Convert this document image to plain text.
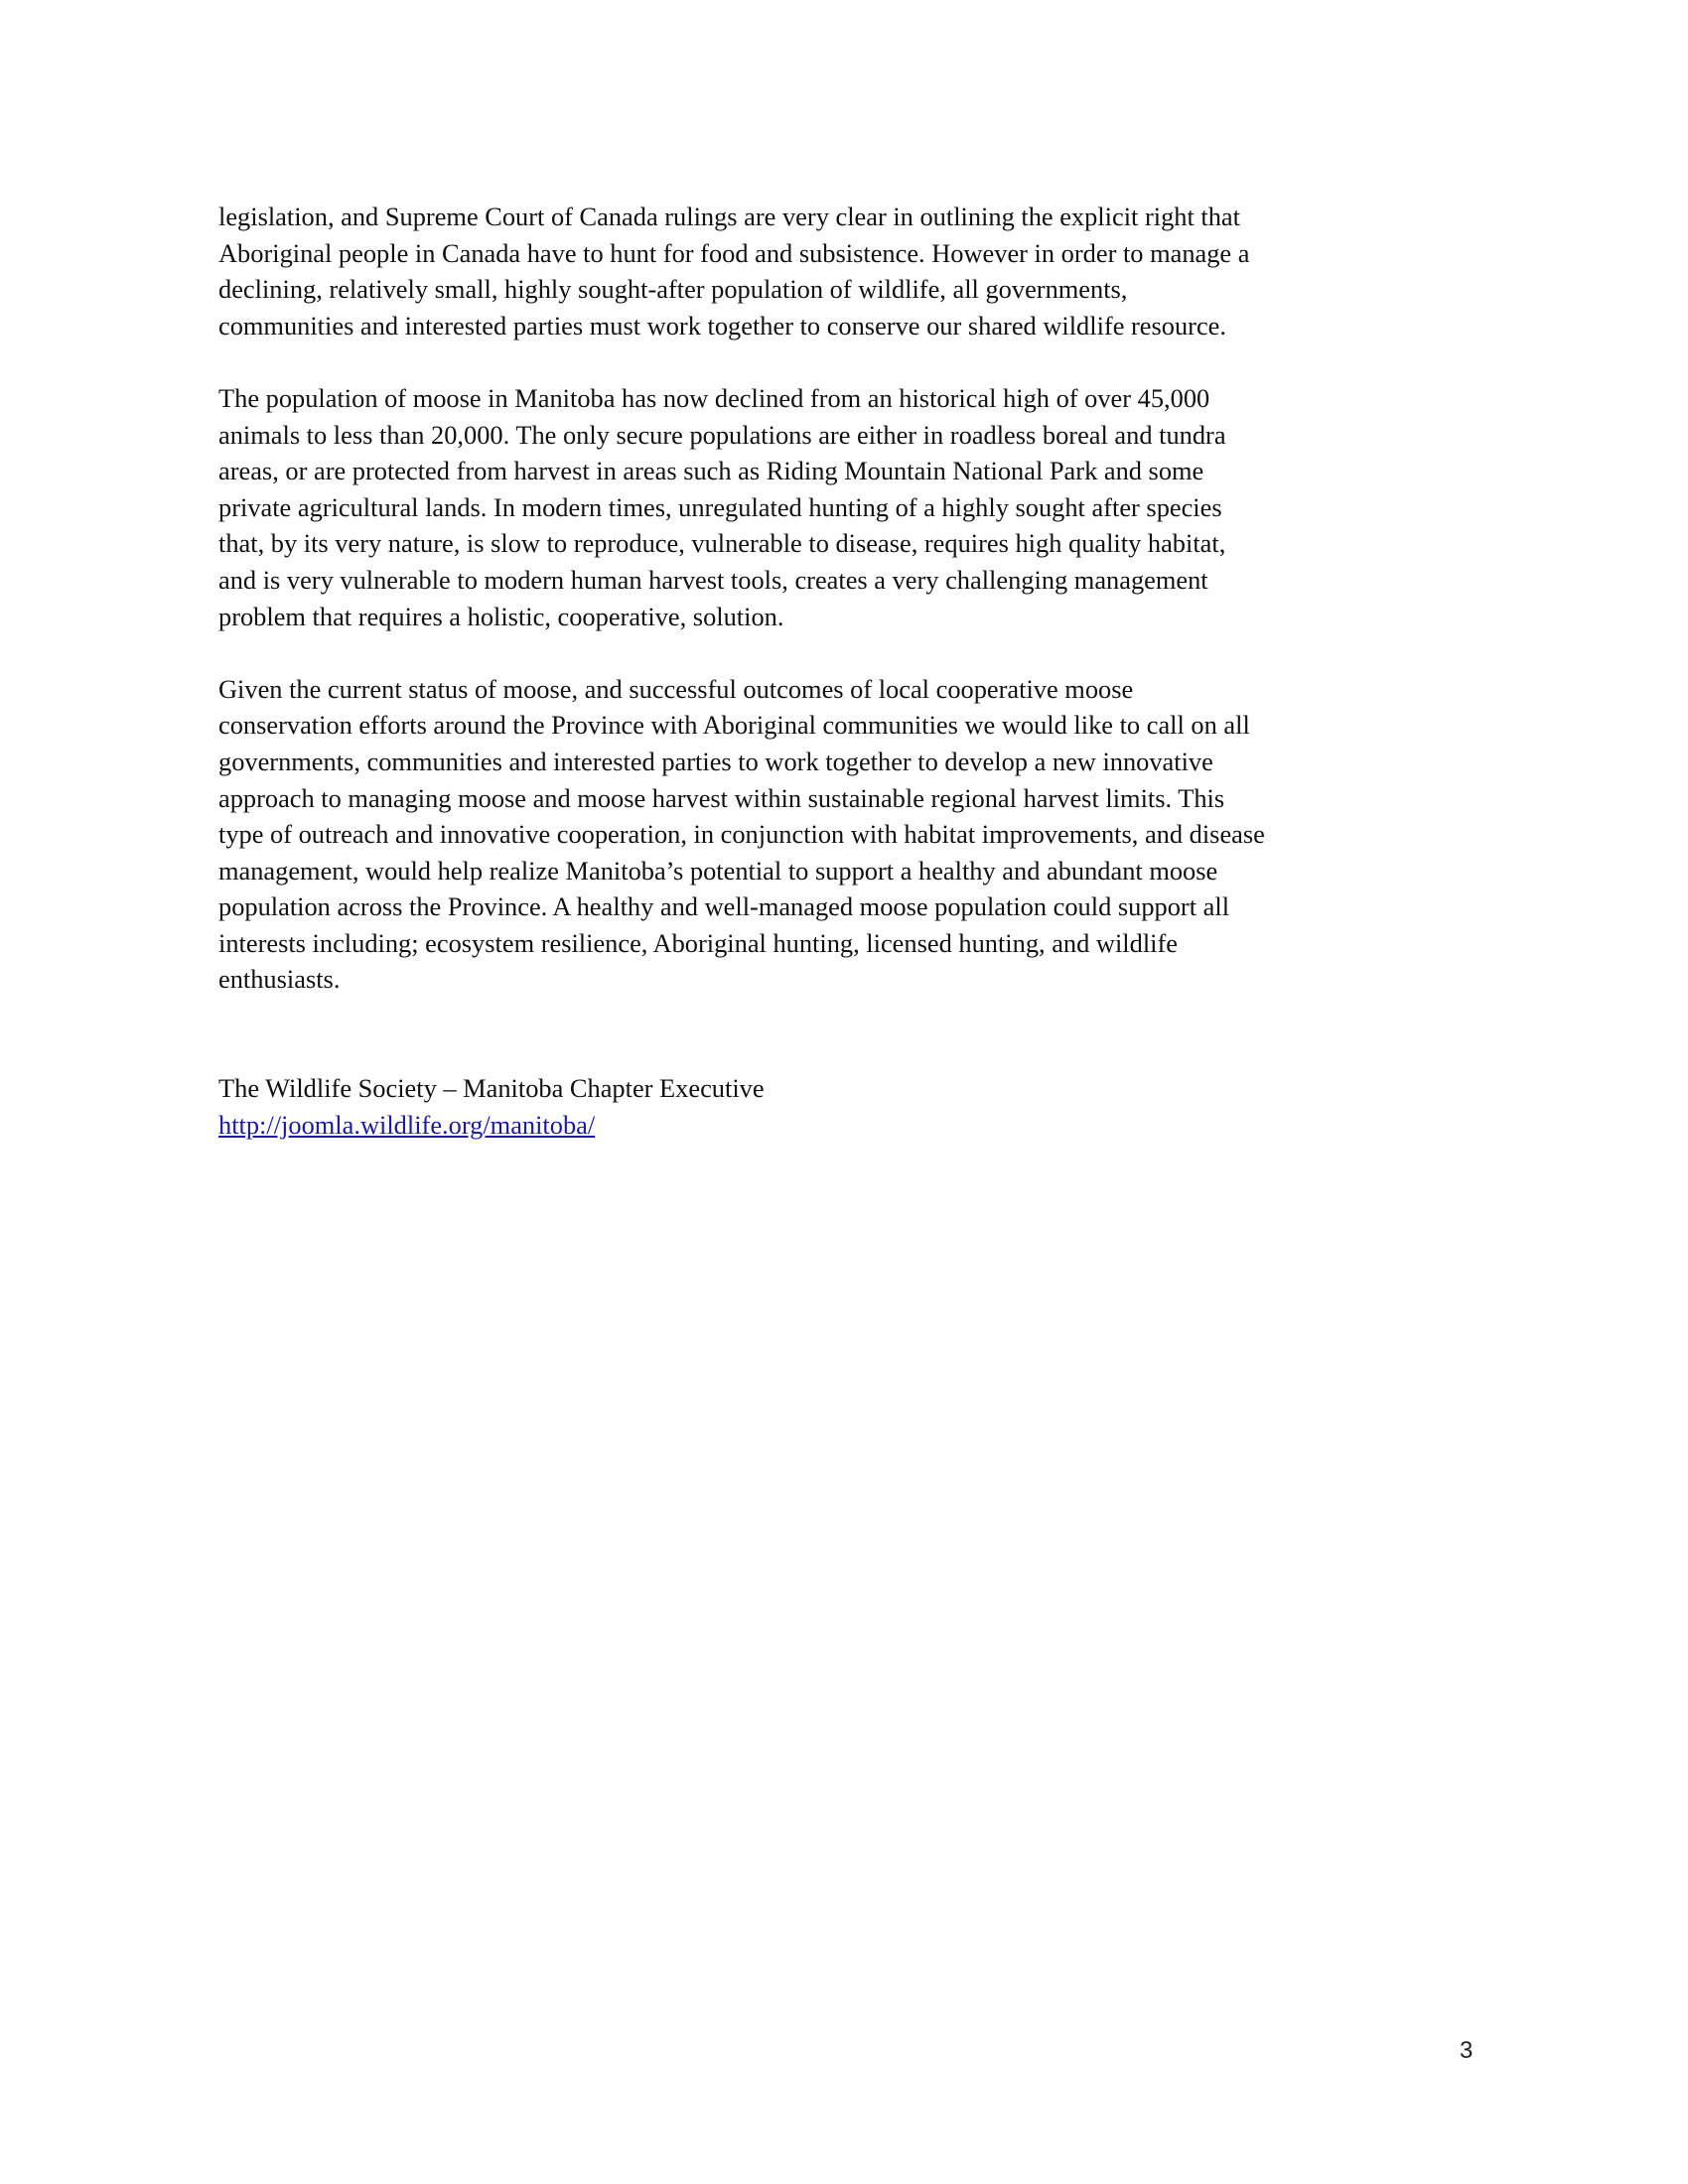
legislation, and Supreme Court of Canada rulings are very clear in outlining the explicit right that
Aboriginal people in Canada have to hunt for food and subsistence. However in order to manage a
declining, relatively small, highly sought-after population of wildlife, all governments,
communities and interested parties must work together to conserve our shared wildlife resource.

The population of moose in Manitoba has now declined from an historical high of over 45,000
animals to less than 20,000. The only secure populations are either in roadless boreal and tundra
areas, or are protected from harvest in areas such as Riding Mountain National Park and some
private agricultural lands. In modern times, unregulated hunting of a highly sought after species
that, by its very nature, is slow to reproduce, vulnerable to disease, requires high quality habitat,
and is very vulnerable to modern human harvest tools, creates a very challenging management
problem that requires a holistic, cooperative, solution.

Given the current status of moose, and successful outcomes of local cooperative moose
conservation efforts around the Province with Aboriginal communities we would like to call on all
governments, communities and interested parties to work together to develop a new innovative
approach to managing moose and moose harvest within sustainable regional harvest limits. This
type of outreach and innovative cooperation, in conjunction with habitat improvements, and disease
management, would help realize Manitoba’s potential to support a healthy and abundant moose
population across the Province. A healthy and well-managed moose population could support all
interests including; ecosystem resilience, Aboriginal hunting, licensed hunting, and wildlife
enthusiasts.

The Wildlife Society – Manitoba Chapter Executive
http://joomla.wildlife.org/manitoba/
3
